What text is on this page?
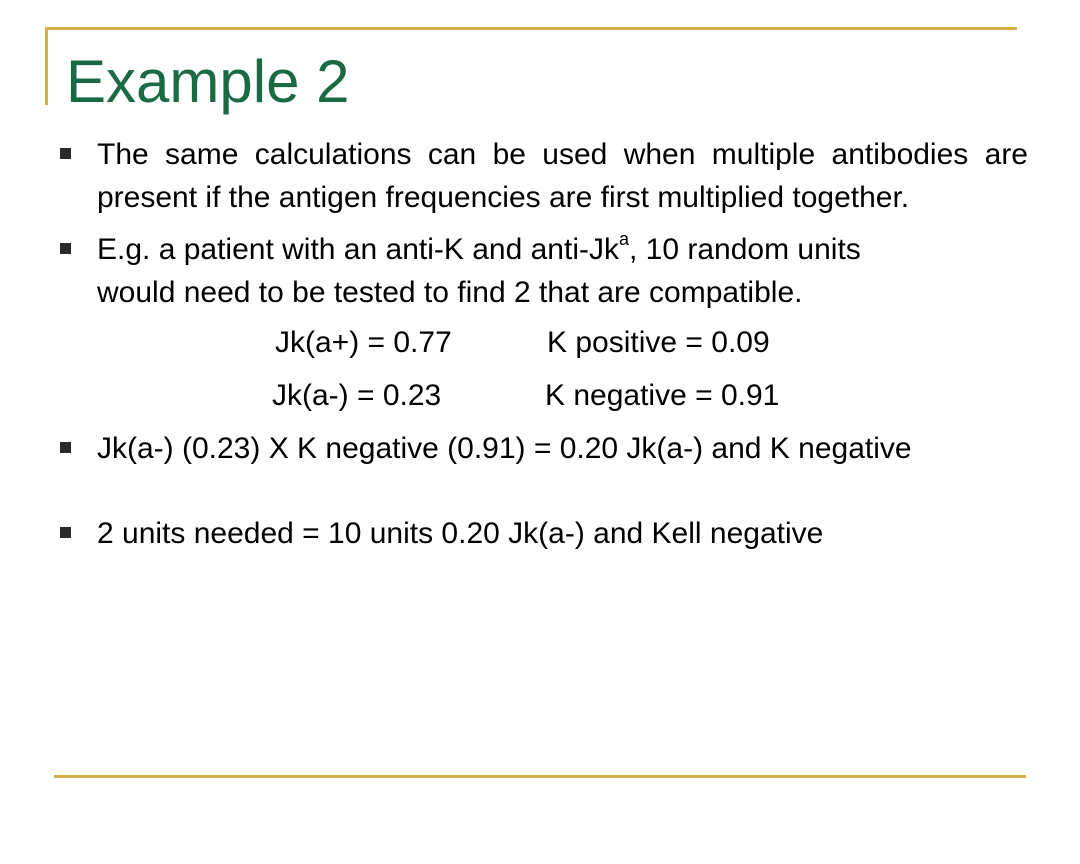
Example 2
The same calculations can be used when multiple antibodies are present if the antigen frequencies are first multiplied together.
E.g. a patient with an anti-K and anti-Jk$^a$, 10 random units
would need to be tested to find 2 that are compatible.
Jk(a+) = 0.77	K positive = 0.09
Jk(a-) = 0.23	K negative = 0.91
Jk(a-) (0.23) X K negative (0.91) = 0.20 Jk(a-) and K negative
2 units needed = 10 units 0.20 Jk(a-) and Kell negative
